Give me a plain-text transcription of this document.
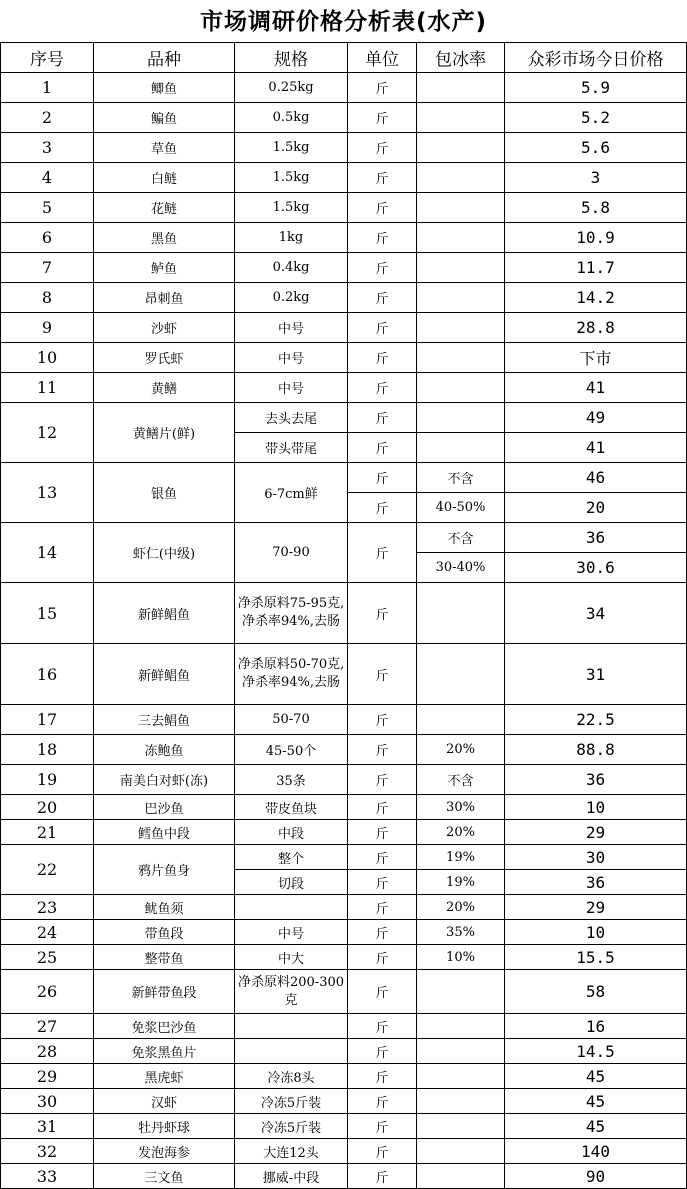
市场调研价格分析表(水产)
序号	品种	规格	单位	包冰率	众彩市场今日价格
1	鲫鱼	0.25kg	斤		5.9
2	鳊鱼	0.5kg	斤		5.2
3	草鱼	1.5kg	斤		5.6
4	白鲢	1.5kg	斤		3
5	花鲢	1.5kg	斤		5.8
6	黑鱼	1kg	斤		10.9
7	鲈鱼	0.4kg	斤		11.7
8	昂刺鱼	0.2kg	斤		14.2
9	沙虾	中号	斤		28.8
10	罗氏虾	中号	斤		下市
11	黄鳝	中号	斤		41
12	黄鳝片(鲜)	去头去尾	斤		49
		带头带尾	斤		41
13	银鱼	6-7cm鲜	斤	不含	46
			斤	40-50%	20
14	虾仁(中级)	70-90	斤	不含	36
				30-40%	30.6
15	新鲜鲳鱼	净杀原料75-95克,净杀率94%,去肠	斤		34
16	新鲜鲳鱼	净杀原料50-70克,净杀率94%,去肠	斤		31
17	三去鲳鱼	50-70	斤		22.5
18	冻鲍鱼	45-50个	斤	20%	88.8
19	南美白对虾(冻)	35条	斤	不含	36
20	巴沙鱼	带皮鱼块	斤	30%	10
21	鳕鱼中段	中段	斤	20%	29
22	鸦片鱼身	整个	斤	19%	30
		切段	斤	19%	36
23	鱿鱼须		斤	20%	29
24	带鱼段	中号	斤	35%	10
25	整带鱼	中大	斤	10%	15.5
26	新鲜带鱼段	净杀原料200-300克	斤		58
27	免浆巴沙鱼		斤		16
28	免浆黑鱼片		斤		14.5
29	黑虎虾	冷冻8头	斤		45
30	汉虾	冷冻5斤装	斤		45
31	牡丹虾球	冷冻5斤装	斤		45
32	发泡海参	大连12头	斤		140
33	三文鱼	挪威-中段	斤		90
